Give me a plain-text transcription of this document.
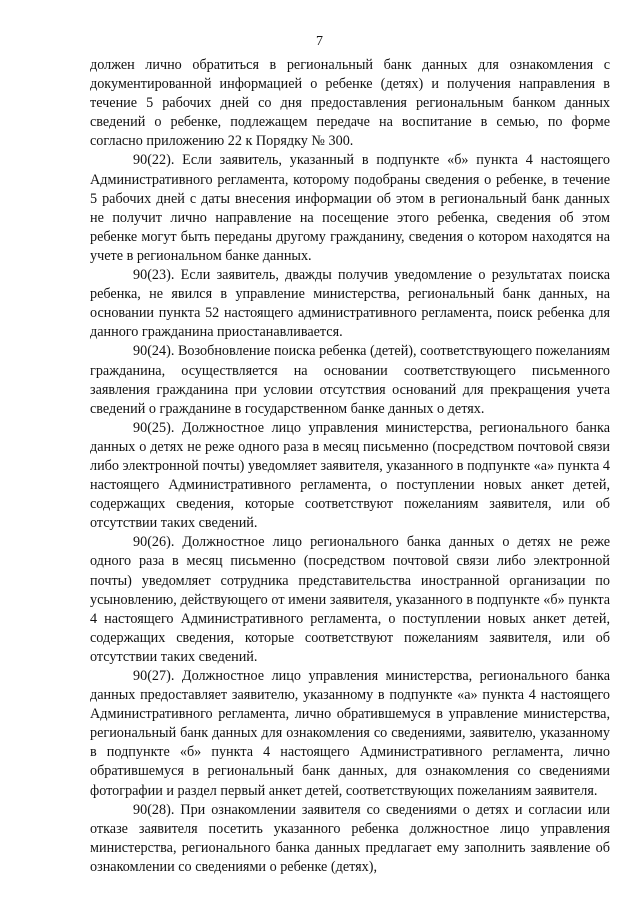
7

должен лично обратиться в региональный банк данных для ознакомления с документированной информацией о ребенке (детях) и получения направления в течение 5 рабочих дней со дня предоставления региональным банком данных сведений о ребенке, подлежащем передаче на воспитание в семью, по форме согласно приложению 22 к Порядку № 300.

90(22). Если заявитель, указанный в подпункте «б» пункта 4 настоящего Административного регламента, которому подобраны сведения о ребенке, в течение 5 рабочих дней с даты внесения информации об этом в региональный банк данных не получит лично направление на посещение этого ребенка, сведения об этом ребенке могут быть переданы другому гражданину, сведения о котором находятся на учете в региональном банке данных.

90(23). Если заявитель, дважды получив уведомление о результатах поиска ребенка, не явился в управление министерства, региональный банк данных, на основании пункта 52 настоящего административного регламента, поиск ребенка для данного гражданина приостанавливается.

90(24). Возобновление поиска ребенка (детей), соответствующего пожеланиям гражданина, осуществляется на основании соответствующего письменного заявления гражданина при условии отсутствия оснований для прекращения учета сведений о гражданине в государственном банке данных о детях.

90(25). Должностное лицо управления министерства, регионального банка данных о детях не реже одного раза в месяц письменно (посредством почтовой связи либо электронной почты) уведомляет заявителя, указанного в подпункте «а» пункта 4 настоящего Административного регламента, о поступлении новых анкет детей, содержащих сведения, которые соответствуют пожеланиям заявителя, или об отсутствии таких сведений.

90(26). Должностное лицо регионального банка данных о детях не реже одного раза в месяц письменно (посредством почтовой связи либо электронной почты) уведомляет сотрудника представительства иностранной организации по усыновлению, действующего от имени заявителя, указанного в подпункте «б» пункта 4 настоящего Административного регламента, о поступлении новых анкет детей, содержащих сведения, которые соответствуют пожеланиям заявителя, или об отсутствии таких сведений.

90(27). Должностное лицо управления министерства, регионального банка данных предоставляет заявителю, указанному в подпункте «а» пункта 4 настоящего Административного регламента, лично обратившемуся в управление министерства, региональный банк данных для ознакомления со сведениями, заявителю, указанному в подпункте «б» пункта 4 настоящего Административного регламента, лично обратившемуся в региональный банк данных, для ознакомления со сведениями фотографии и раздел первый анкет детей, соответствующих пожеланиям заявителя.

90(28). При ознакомлении заявителя со сведениями о детях и согласии или отказе заявителя посетить указанного ребенка должностное лицо управления министерства, регионального банка данных предлагает ему заполнить заявление об ознакомлении со сведениями о ребенке (детях),
